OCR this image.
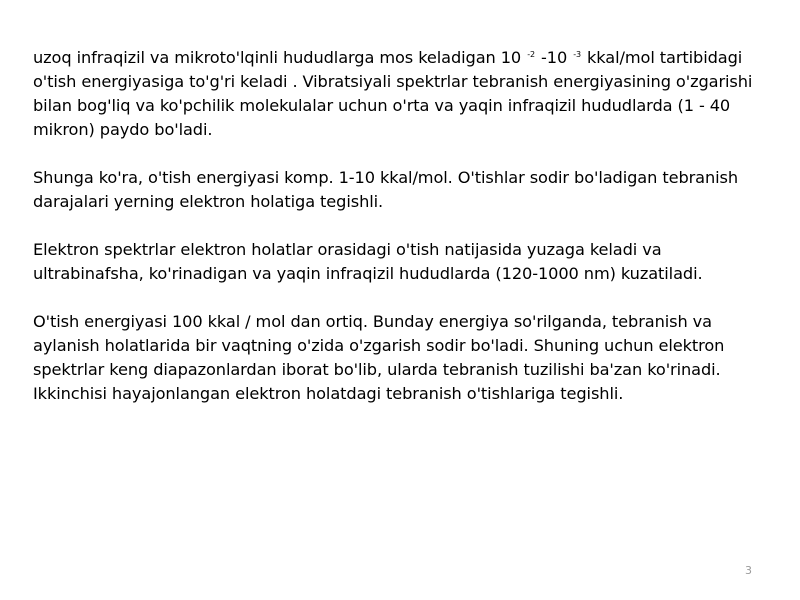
uzoq infraqizil va mikroto'lqinli hududlarga mos keladigan 10 $^{-2}$ -10 $^{-3}$ kkal/mol tartibidagi o'tish energiyasiga to'g'ri keladi . Vibratsiyali spektrlar tebranish energiyasining o'zgarishi bilan bog'liq va ko'pchilik molekulalar uchun o'rta va yaqin infraqizil hududlarda (1 - 40 mikron) paydo bo'ladi.

Shunga ko'ra, o'tish energiyasi komp. 1-10 kkal/mol. O'tishlar sodir bo'ladigan tebranish darajalari yerning elektron holatiga tegishli.

Elektron spektrlar elektron holatlar orasidagi o'tish natijasida yuzaga keladi va ultrabinafsha, ko'rinadigan va yaqin infraqizil hududlarda (120-1000 nm) kuzatiladi.

O'tish energiyasi 100 kkal / mol dan ortiq. Bunday energiya so'rilganda, tebranish va aylanish holatlarida bir vaqtning o'zida o'zgarish sodir bo'ladi. Shuning uchun elektron spektrlar keng diapazonlardan iborat bo'lib, ularda tebranish tuzilishi ba'zan ko'rinadi. Ikkinchisi hayajonlangan elektron holatdagi tebranish o'tishlariga tegishli.

3
